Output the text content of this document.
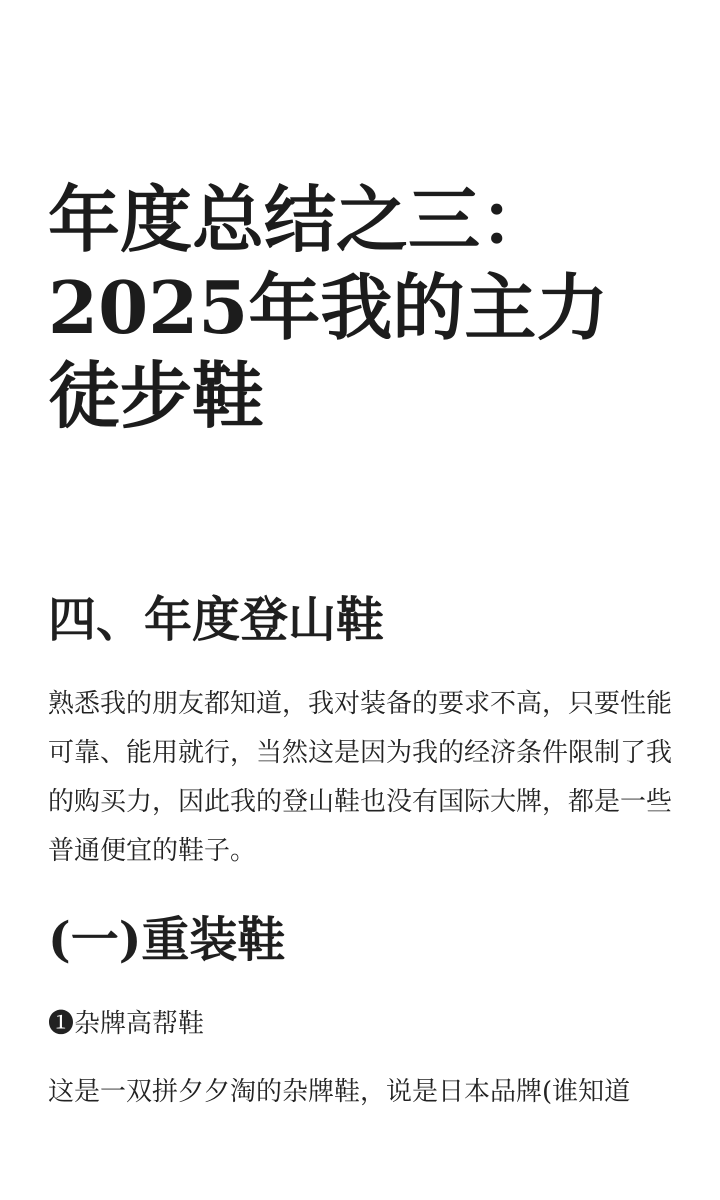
年度总结之三：
2025年我的主力
徒步鞋
四、年度登山鞋

熟悉我的朋友都知道，我对装备的要求不高，只要性能可靠、能用就行，当然这是因为我的经济条件限制了我的购买力，因此我的登山鞋也没有国际大牌，都是一些普通便宜的鞋子。

(一)重装鞋

❶杂牌高帮鞋

这是一双拼夕夕淘的杂牌鞋，说是日本品牌(谁知道
